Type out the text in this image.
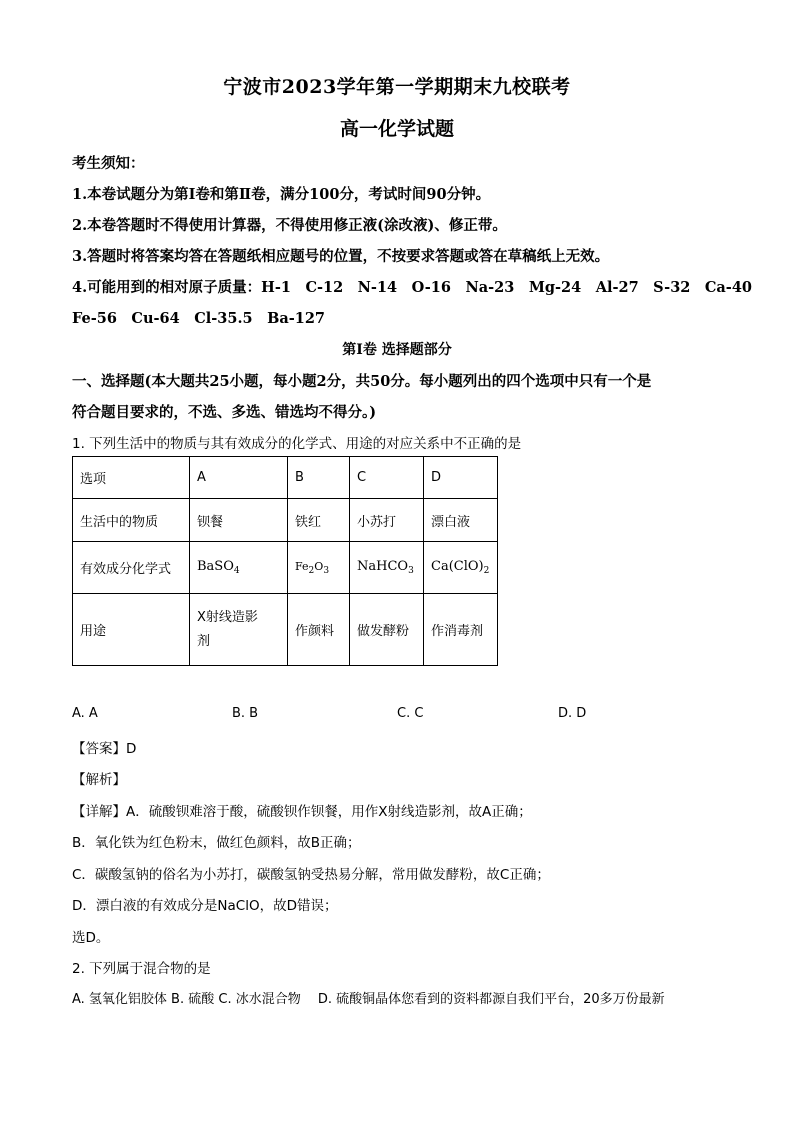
宁波市2023学年第一学期期末九校联考
高一化学试题
考生须知：
1.本卷试题分为第Ⅰ卷和第Ⅱ卷，满分100分，考试时间90分钟。
2.本卷答题时不得使用计算器，不得使用修正液(涂改液)、修正带。
3.答题时将答案均答在答题纸相应题号的位置，不按要求答题或答在草稿纸上无效。
4.可能用到的相对原子质量：H-1　C-12　N-14　O-16　Na-23　Mg-24　Al-27　S-32　Ca-40
Fe-56　Cu-64　Cl-35.5　Ba-127
第Ⅰ卷 选择题部分
一、选择题(本大题共25小题，每小题2分，共50分。每小题列出的四个选项中只有一个是
符合题目要求的，不选、多选、错选均不得分。)
1. 下列生活中的物质与其有效成分的化学式、用途的对应关系中不正确的是
选项	A	B	C	D
生活中的物质	钡餐	铁红	小苏打	漂白液
有效成分化学式	BaSO$_4$	$Fe_2O_3$	NaHCO$_3$	$Ca(ClO)_2$
用途	X射线造影剂	作颜料	做发酵粉	作消毒剂
A. A	B. B	C. C	D. D
【答案】D
【解析】
【详解】A．硫酸钡难溶于酸，硫酸钡作钡餐，用作X射线造影剂，故A正确；
B．氧化铁为红色粉末，做红色颜料，故B正确；
C．碳酸氢钠的俗名为小苏打，碳酸氢钠受热易分解，常用做发酵粉，故C正确；
D．漂白液的有效成分是NaClO，故D错误；
选D。
2. 下列属于混合物的是
A. 氢氧化铝胶体 B. 硫酸 C. 冰水混合物　 D. 硫酸铜晶体您看到的资料都源自我们平台，20多万份最新
